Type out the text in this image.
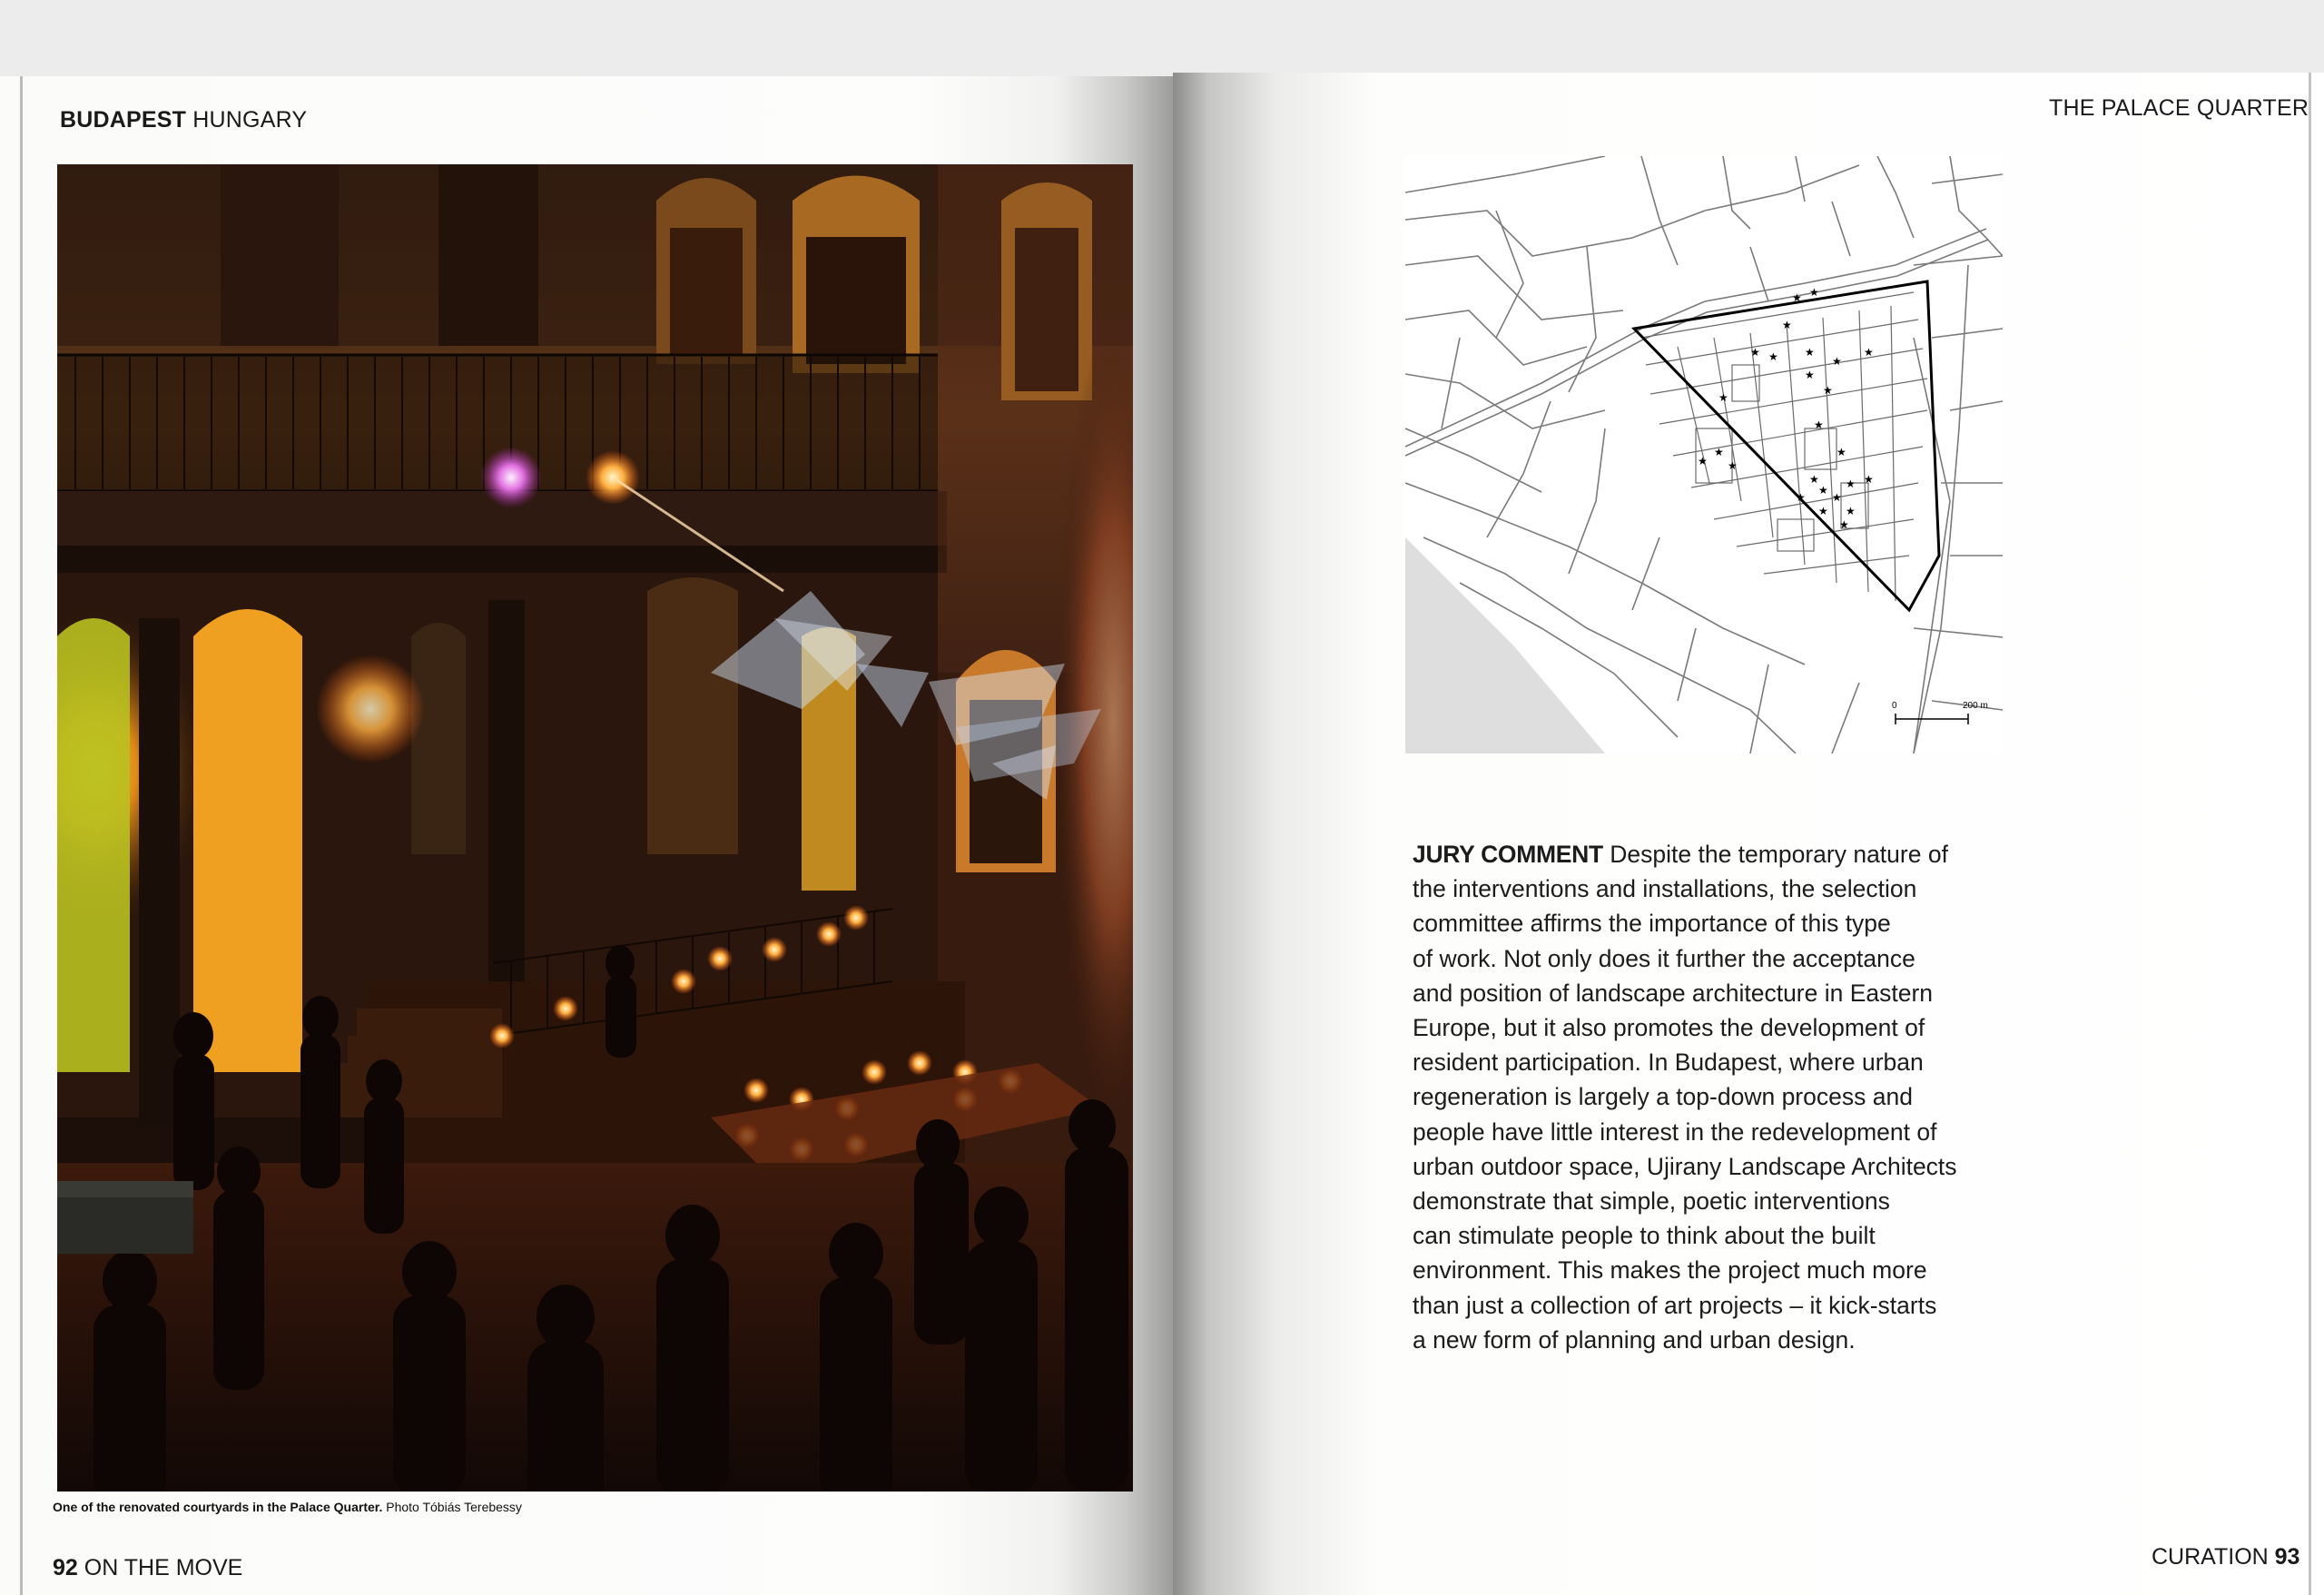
BUDAPEST HUNGARY	THE PALACE QUARTER
One of the renovated courtyards in the Palace Quarter. Photo Tóbiás Terebessy
92 ON THE MOVE
★ ★
★
★
★ ★	★
★
★
★
★
★
★
★
★
★
★
★
★
★
★ ★
★
★
★
0	200 m
JURY COMMENT Despite the temporary nature of
the interventions and installations, the selection
committee affirms the importance of this type
of work. Not only does it further the acceptance
and position of landscape architecture in Eastern
Europe, but it also promotes the development of
resident participation. In Budapest, where urban
regeneration is largely a top-down process and
people have little interest in the redevelopment of
urban outdoor space, Ujirany Landscape Architects
demonstrate that simple, poetic interventions
can stimulate people to think about the built
environment. This makes the project much more
than just a collection of art projects – it kick-starts
a new form of planning and urban design.
CURATION 93
